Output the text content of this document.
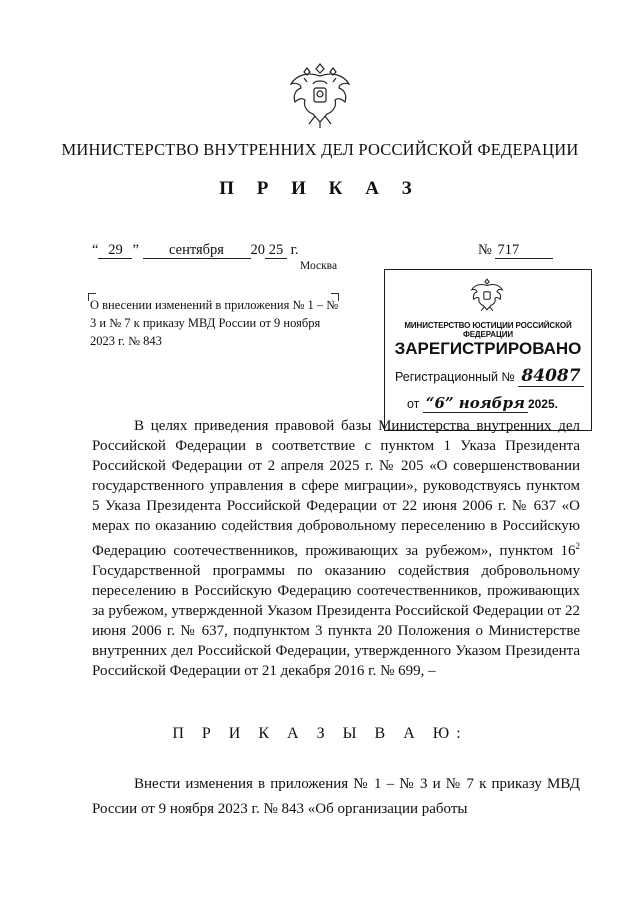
МИНИСТЕРСТВО ВНУТРЕННИХ ДЕЛ РОССИЙСКОЙ ФЕДЕРАЦИИ
П Р И К А З
“ 29 ” сентября 20 25 г.
Москва
№ 717
О внесении изменений в приложения № 1 – № 3 и № 7 к приказу МВД России от 9 ноября 2023 г. № 843
МИНИСТЕРСТВО ЮСТИЦИИ РОССИЙСКОЙ ФЕДЕРАЦИИ
ЗАРЕГИСТРИРОВАНО
Регистрационный № 84087
от “6” ноября 2025.

В целях приведения правовой базы Министерства внутренних дел Российской Федерации в соответствие с пунктом 1 Указа Президента Российской Федерации от 2 апреля 2025 г. № 205 «О совершенствовании государственного управления в сфере миграции», руководствуясь пунктом 5 Указа Президента Российской Федерации от 22 июня 2006 г. № 637 «О мерах по оказанию содействия добровольному переселению в Российскую Федерацию соотечественников, проживающих за рубежом», пунктом $16^2$ Государственной программы по оказанию содействия добровольному переселению в Российскую Федерацию соотечественников, проживающих за рубежом, утвержденной Указом Президента Российской Федерации от 22 июня 2006 г. № 637, подпунктом 3 пункта 20 Положения о Министерстве внутренних дел Российской Федерации, утвержденного Указом Президента Российской Федерации от 21 декабря 2016 г. № 699, –

П Р И К А З Ы В А Ю:

Внести изменения в приложения № 1 – № 3 и № 7 к приказу МВД России от 9 ноября 2023 г. № 843 «Об организации работы
